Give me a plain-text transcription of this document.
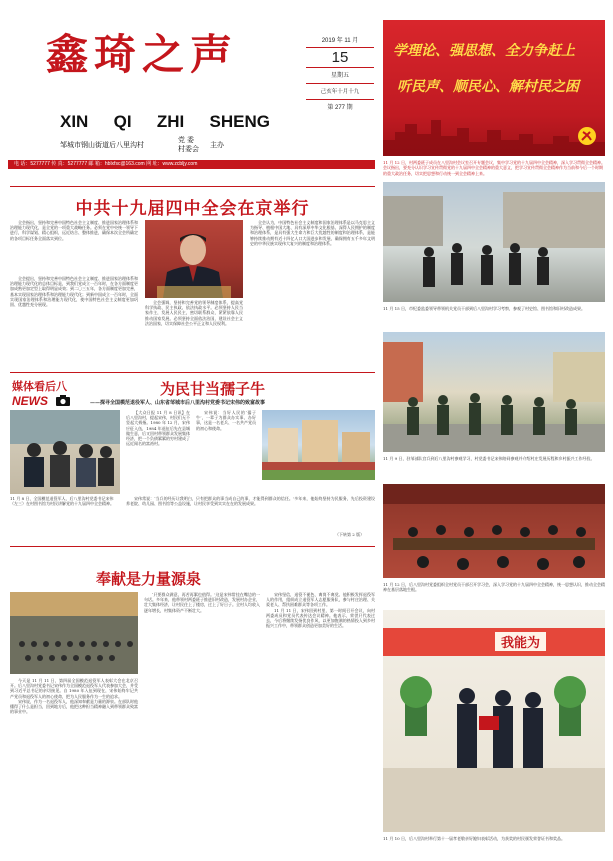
鑫琦之声
XIN QI ZHI SHENG
邹城市钢山街道后八里沟村
党 委
村委会
主办
2019 年 11 月
15
星期五
己亥年十月十九
第 277 期
学理论、强思想、全力争赶上
听民声、顺民心、解村民之困
电 话：5277777 传 真：5277777 邮 箱：hblxfsc@163.com 网 址：www.zcbljy.com	11 月 12 日，村两委班子成员在八里沟村会议室召开专题会议，集中学习党的十九届四中全会精神，深入学习贯彻全会精神。会议指出，要充分认识学习宣传贯彻党的十九届四中全会精神的重大意义，把学习宣传贯彻全会精神作为当前和今后一个时期的重大政治任务，切实把思想和行动统一到全会精神上来。
中共十九届四中全会在京举行

全会指出，坚持和完善中国特色社会主义制度、推进国家治理体系和治理能力现代化，是全党的一项重大战略任务。必须在党中央统一领导下进行，科学谋划、精心组织，远近结合、整体推进，确保本次全会所确定的各项目标任务全面落实到位。

全会提出，坚持和完善中国特色社会主义制度、推进国家治理体系和治理能力现代化的总体目标是，到我们党成立一百年时，在各方面制度更加成熟更加定型上取得明显成效；到二〇三五年，各方面制度更加完善，基本实现国家治理体系和治理能力现代化；到新中国成立一百年时，全面实现国家治理体系和治理能力现代化，使中国特色社会主义制度更加巩固、优越性充分展现。	全会强调，坚持和完善党的领导制度体系，提高党科学执政、民主执政、依法执政水平。必须坚持人民当家作主，发展人民民主，密切联系群众，紧紧依靠人民推动国家发展。必须坚持全面依法治国，建设社会主义法治国家，切实保障社会公平正义和人民权利。

全会认为，中国特色社会主义制度和国家治理体系是以马克思主义为指导、植根中国大地、具有深厚中华文化根基、深得人民拥护的制度和治理体系，是具有强大生命力和巨大优越性的制度和治理体系，是能够持续推动拥有近十四亿人口大国进步和发展、确保拥有五千多年文明史的中华民族实现伟大复兴的制度和治理体系。

媒体看后八
NEWS
为民甘当孺子牛
——探寻全国模范退役军人、山东省邹城市后八里沟村党委书记宋伟的致富故事
11 月 8 日，全国模范退役军人、后八里沟村党委书记宋伟（左三）在村图书馆为村民讲解党的十九届四中全会精神。

【大众日报 11 月 8 日讯】在后八里沟村，提起宋伟，村民们无不竖起大拇指。1980 年 12 月，宋伟应征入伍，1984 年退伍后先在县城做生意，后又回村带领群众发展集体经济，把一个负债累累的穷村建成了远近闻名的富裕村。

宋伟说：当好人民的‘孺子牛’，一辈子为群众办实事、办好事，这是一名老兵、一名共产党员的初心和使命。

宋伟常说：‘当兵的经历让我明白，只有把群众的事当成自己的事，才能得到群众的信任。’多年来，他始终坚持为民服务，先后投资建设养老院、幼儿园、图书馆等公益设施，让村民享受到实实在在的发展成果。

（下转第 2 版）
奉献是力量源泉

今天是 11 月 11 日，第四届全国模范退役军人表彰大会在北京召开。后八里沟村党委书记宋伟作为全国模范退役军人代表参加大会，并受到习近平总书记的亲切接见。自 1980 年入伍到现在，宋伟始终牢记共产党员和退役军人的初心使命，把为人民服务作为一生的追求。

宋伟说，作为一名退役军人，他深知奉献是力量的源泉。在部队时他懂得了什么是担当，回到地方后，他把这种担当精神融入到带领群众致富的事业中。

‘只要群众满意，再苦再累也值得。’这是宋伟常挂在嘴边的一句话。多年来，他带领村两委班子推进旧村改造，发展村办企业，壮大集体经济，让村民住上了楼房，过上了好日子。全村人均收入逐年增长，村集体资产不断壮大。

宋伟坚信，退役不褪色、离岗不离党。他积极发挥退役军人的作用，组织成立退役军人志愿服务队，参与村庄治理、关爱老人、帮扶困难群众等各项工作。

11 月 11 日，宋伟回到村里，第一时间召开会议，向村两委成员和党员代表传达会议精神。他表示，荣誉只代表过去，今后将继续发扬优良作风，以更加饱满的热情投入到乡村振兴工作中，带领群众创造更加美好的生活。

11 月 15 日，市纪委监委领导带领机关党员干部到后八里沟村学习考察，参观了村史馆、图书馆和旧村改造成果。
11 月 9 日，驻邹部队官兵到后八里沟村参观学习，村党委书记宋伟陪同参观并介绍村庄发展历程和乡村振兴工作经验。
11 月 12 日，后八里沟村党委组织全村党员干部召开学习会，深入学习党的十九届四中全会精神，统一思想认识，推动全会精神在基层落地生根。
我能为
11 月 10 日，后八里沟村举行第十一届孝老敬亲好媳妇表彰活动，为获奖的村民颁发荣誉证书和奖品。
